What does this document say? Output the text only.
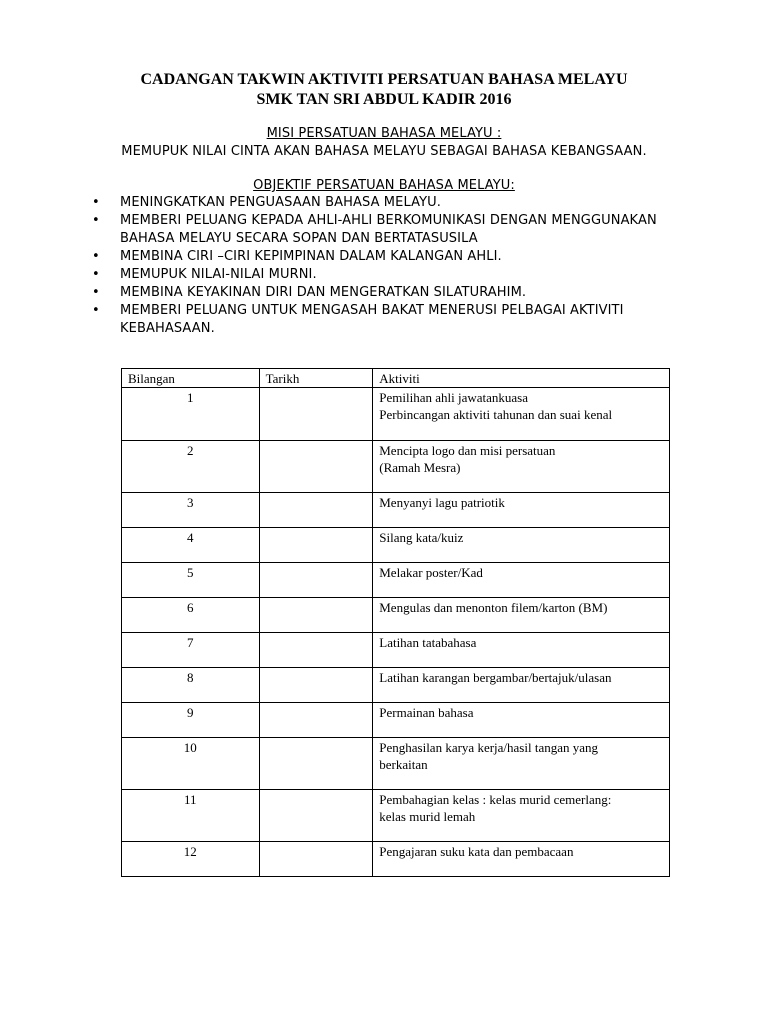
CADANGAN TAKWIN AKTIVITI PERSATUAN BAHASA MELAYU
SMK TAN SRI ABDUL KADIR 2016

MISI PERSATUAN BAHASA MELAYU :

MEMUPUK NILAI CINTA AKAN BAHASA MELAYU SEBAGAI BAHASA KEBANGSAAN.

OBJEKTIF PERSATUAN BAHASA MELAYU:

•	MENINGKATKAN PENGUASAAN BAHASA MELAYU.
•	MEMBERI PELUANG KEPADA AHLI-AHLI BERKOMUNIKASI DENGAN MENGGUNAKAN BAHASA MELAYU SECARA SOPAN DAN BERTATASUSILA
•	MEMBINA CIRI –CIRI KEPIMPINAN DALAM KALANGAN AHLI.
•	MEMUPUK NILAI-NILAI MURNI.
•	MEMBINA KEYAKINAN DIRI DAN MENGERATKAN SILATURAHIM.
•	MEMBERI PELUANG UNTUK MENGASAH BAKAT MENERUSI PELBAGAI AKTIVITI KEBAHASAAN.
Bilangan	Tarikh	Aktiviti
1		Pemilihan ahli jawatankuasa
Perbincangan aktiviti tahunan dan suai kenal

2		Mencipta logo dan misi persatuan
(Ramah Mesra)

3		Menyanyi lagu patriotik

4		Silang kata/kuiz

5		Melakar poster/Kad

6		Mengulas dan menonton filem/karton (BM)

7		Latihan tatabahasa

8		Latihan karangan bergambar/bertajuk/ulasan

9		Permainan bahasa

10		Penghasilan karya kerja/hasil tangan yang
berkaitan

11		Pembahagian kelas : kelas murid cemerlang:
kelas murid lemah

12		Pengajaran suku kata dan pembacaan
